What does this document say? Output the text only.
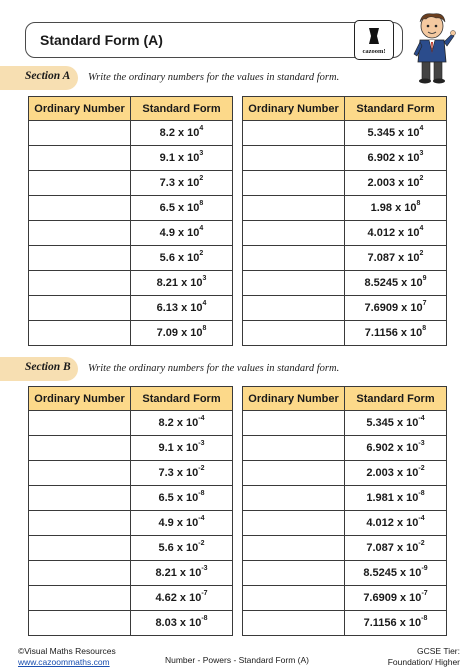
Standard Form (A)
cazoom!
Section A Write the ordinary numbers for the values in standard form.
Ordinary Number	Standard Form
	8.2 x $10^4$
	9.1 x $10^3$
	7.3 x $10^2$
	6.5 x $10^8$
	4.9 x $10^4$
	5.6 x $10^2$
	8.21 x $10^3$
	6.13 x $10^4$
	7.09 x $10^8$
Ordinary Number	Standard Form
	5.345 x $10^4$
	6.902 x $10^3$
	2.003 x $10^2$
	1.98 x $10^8$
	4.012 x $10^4$
	7.087 x $10^2$
	8.5245 x $10^9$
	7.6909 x $10^7$
	7.1156 x $10^8$
Section B Write the ordinary numbers for the values in standard form.
Ordinary Number	Standard Form
	8.2 x $10^{-4}$
	9.1 x $10^{-3}$
	7.3 x $10^{-2}$
	6.5 x $10^{-8}$
	4.9 x $10^{-4}$
	5.6 x $10^{-2}$
	8.21 x $10^{-3}$
	4.62 x $10^{-7}$
	8.03 x $10^{-8}$
Ordinary Number	Standard Form
	5.345 x $10^{-4}$
	6.902 x $10^{-3}$
	2.003 x $10^{-2}$
	1.981 x $10^{-8}$
	4.012 x $10^{-4}$
	7.087 x $10^{-2}$
	8.5245 x $10^{-9}$
	7.6909 x $10^{-7}$
	7.1156 x $10^{-8}$
©Visual Maths Resources
www.cazoommaths.com	Number - Powers - Standard Form (A)
GCSE Tier:
Foundation/ Higher
